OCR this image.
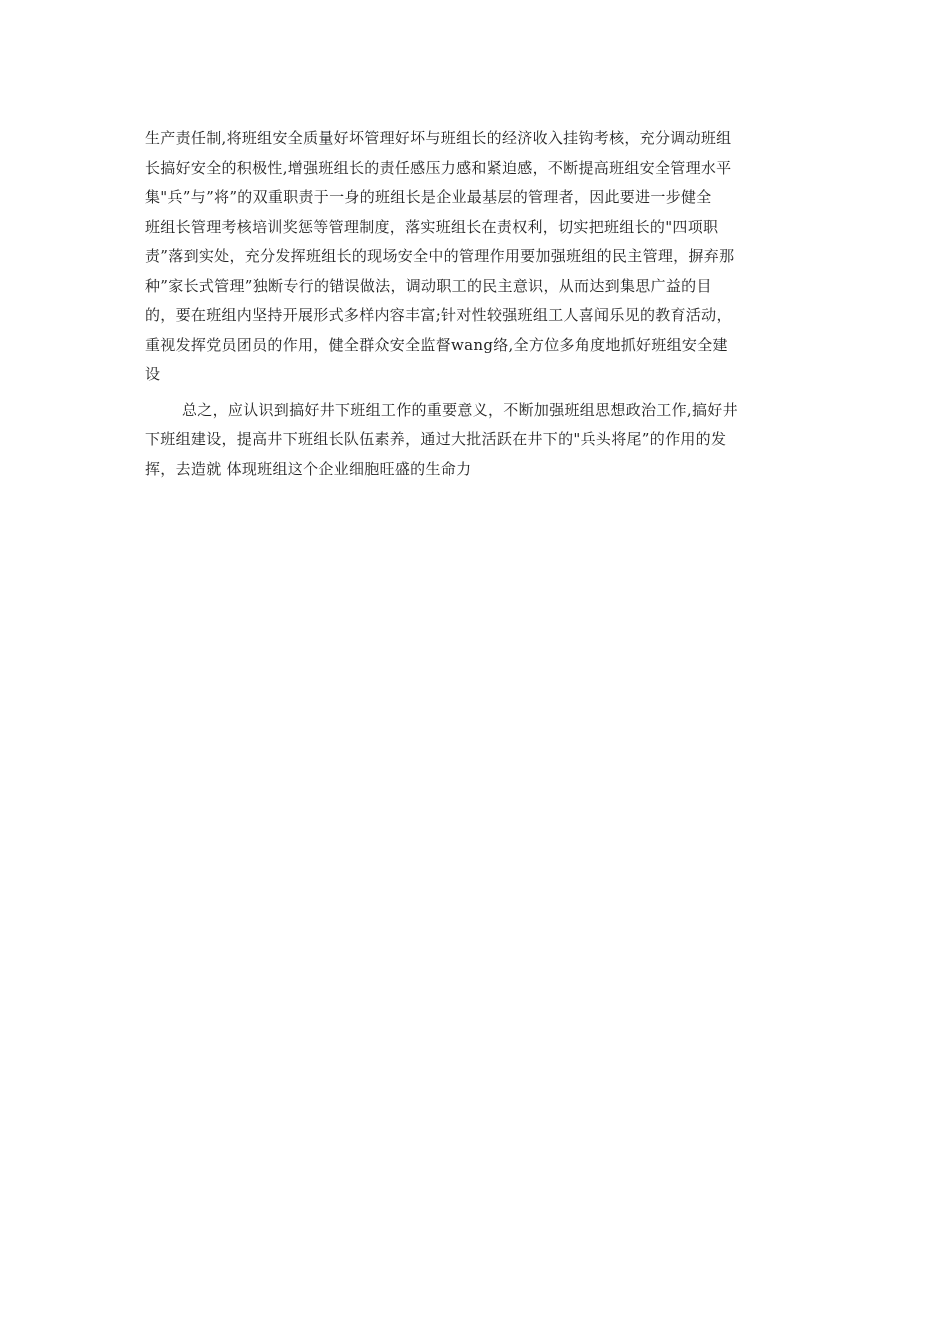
生产责任制,将班组安全质量好坏管理好坏与班组长的经济收入挂钩考核，充分调动班组
长搞好安全的积极性,增强班组长的责任感压力感和紧迫感，不断提高班组安全管理水平
集"兵”与”将”的双重职责于一身的班组长是企业最基层的管理者，因此要进一步健全
班组长管理考核培训奖惩等管理制度，落实班组长在责权利，切实把班组长的"四项职
责”落到实处，充分发挥班组长的现场安全中的管理作用要加强班组的民主管理，摒弃那
种”家长式管理”独断专行的错误做法，调动职工的民主意识，从而达到集思广益的目
的，要在班组内坚持开展形式多样内容丰富;针对性较强班组工人喜闻乐见的教育活动，
重视发挥党员团员的作用，健全群众安全监督wang络,全方位多角度地抓好班组安全建
设
总之，应认识到搞好井下班组工作的重要意义，不断加强班组思想政治工作,搞好井
下班组建设，提高井下班组长队伍素养，通过大批活跃在井下的"兵头将尾”的作用的发
挥，去造就 体现班组这个企业细胞旺盛的生命力
